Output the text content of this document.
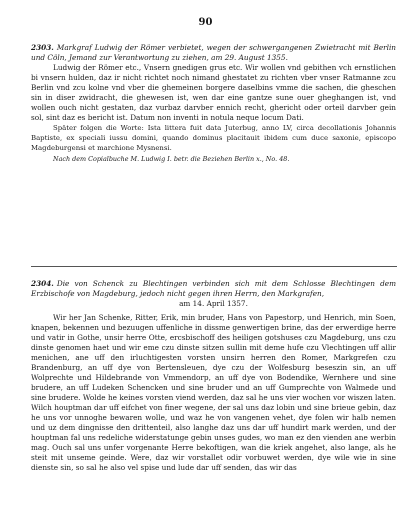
90

2303. Markgraf Ludwig der Römer verbietet, wegen der schwergangenen Zwietracht mit Berlin und Cöln, Jemand zur Verantwortung zu ziehen, am 29. August 1355.

Ludwig der Römer etc., Vnsern gnedigen grus etc. Wir wollen vnd gebithen vch ernstlichen bi vnsern hulden, daz ir nicht richtet noch nimand ghestatet zu richten vber vnser Ratmanne zcu Berlin vnd zcu kolne vnd vber die ghemeinen borgere daselbins vmme die sachen, die gheschen sin in diser zwidracht, die ghewesen ist, wen dar eine gantze sune ouer gheghangen ist, vnd wollen ouch nicht gestaten, daz vurbaz darvber ennich recht, ghericht oder orteil darvber gein sol, sint daz es bericht ist. Datum non inventi in notula neque locum Dati.

Später folgen die Worte: Ista littera fuit data Juterbug, anno LV, circa decollationis Johannis Baptiste, ex speciali iussu domini, quando dominus placitauit ibidem cum duce saxonie, episcopo Magdeburgensi et marchione Mysnensi.

Nach dem Copialbuche M. Ludwig I. betr. die Beziehen Berlin x., No. 48.

2304. Die von Schenck zu Blechtingen verbinden sich mit dem Schlosse Blechtingen dem Erzbischofe von Magdeburg, jedoch nicht gegen ihren Herrn, den Markgrafen,

am 14. April 1357.

Wir her Jan Schenke, Ritter, Erik, min bruder, Hans von Papestorp, und Henrich, min Soen, knapen, bekennen und bezuugen uffenliche in dissme genwertigen brine, das der erwerdige herre und vatir in Gothe, unsir herre Otte, ercsbischoff des heiligen gotshuses czu Magdeburg, uns czu dinste genomen haet und wir eme czu dinste sitzen sullin mit deme hufe czu Vlechtingen uff allir menichen, ane uff den irluchtigesten vorsten unsirn herren den Romer, Markgrefen czu Brandenburg, an uff dye von Bertensleuen, dye czu der Wolfesburg beseszin sin, an uff Wolprechte und Hildebrande von Vmmendorp, an uff dye von Bodendike, Wernhere und sine brudere, an uff Ludeken Schencken und sine bruder und an uff Gumprechte von Walmede und sine brudere. Wolde he keines vorsten viend werden, daz sal he uns vier wochen vor wiszen laten. Wilch houptman dar uff eifchet von finer wegene, der sal uns daz lobin und sine brieue gebin, daz he uns vor unnoghe bewaren wolle, und waz he von vangenen vehet, dye folen wir halb nemen und uz dem dingnisse den drittenteil, also langhe daz uns dar uff hundirt mark werden, und der houptman fal uns redeliche widerstatunge gebin unses gudes, wo man ez den vienden ane werbin mag. Ouch sal uns unfer vorgenante Herre bekoftigen, wan die kriek angehet, also lange, als he steit mit unseme geinde. Were, daz wir vorstallet odir vorbuwet werden, dye wile wie in sine dienste sin, so sal he also vel spise und lude dar uff senden, das wir das
